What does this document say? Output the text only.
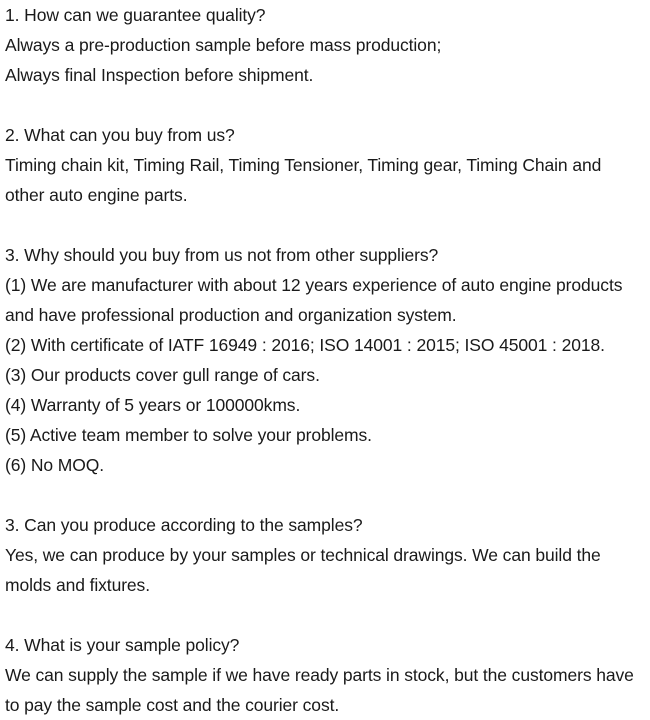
1. How can we guarantee quality?
Always a pre-production sample before mass production;
Always final Inspection before shipment.
2. What can you buy from us?
Timing chain kit, Timing Rail, Timing Tensioner, Timing gear, Timing Chain and
other auto engine parts.
3. Why should you buy from us not from other suppliers?
(1) We are manufacturer with about 12 years experience of auto engine products
and have professional production and organization system.
(2) With certificate of IATF 16949 : 2016; ISO 14001 : 2015; ISO 45001 : 2018.
(3) Our products cover gull range of cars.
(4) Warranty of 5 years or 100000kms.
(5) Active team member to solve your problems.
(6) No MOQ.
3. Can you produce according to the samples?
Yes, we can produce by your samples or technical drawings. We can build the
molds and fixtures.
4. What is your sample policy?
We can supply the sample if we have ready parts in stock, but the customers have
to pay the sample cost and the courier cost.
